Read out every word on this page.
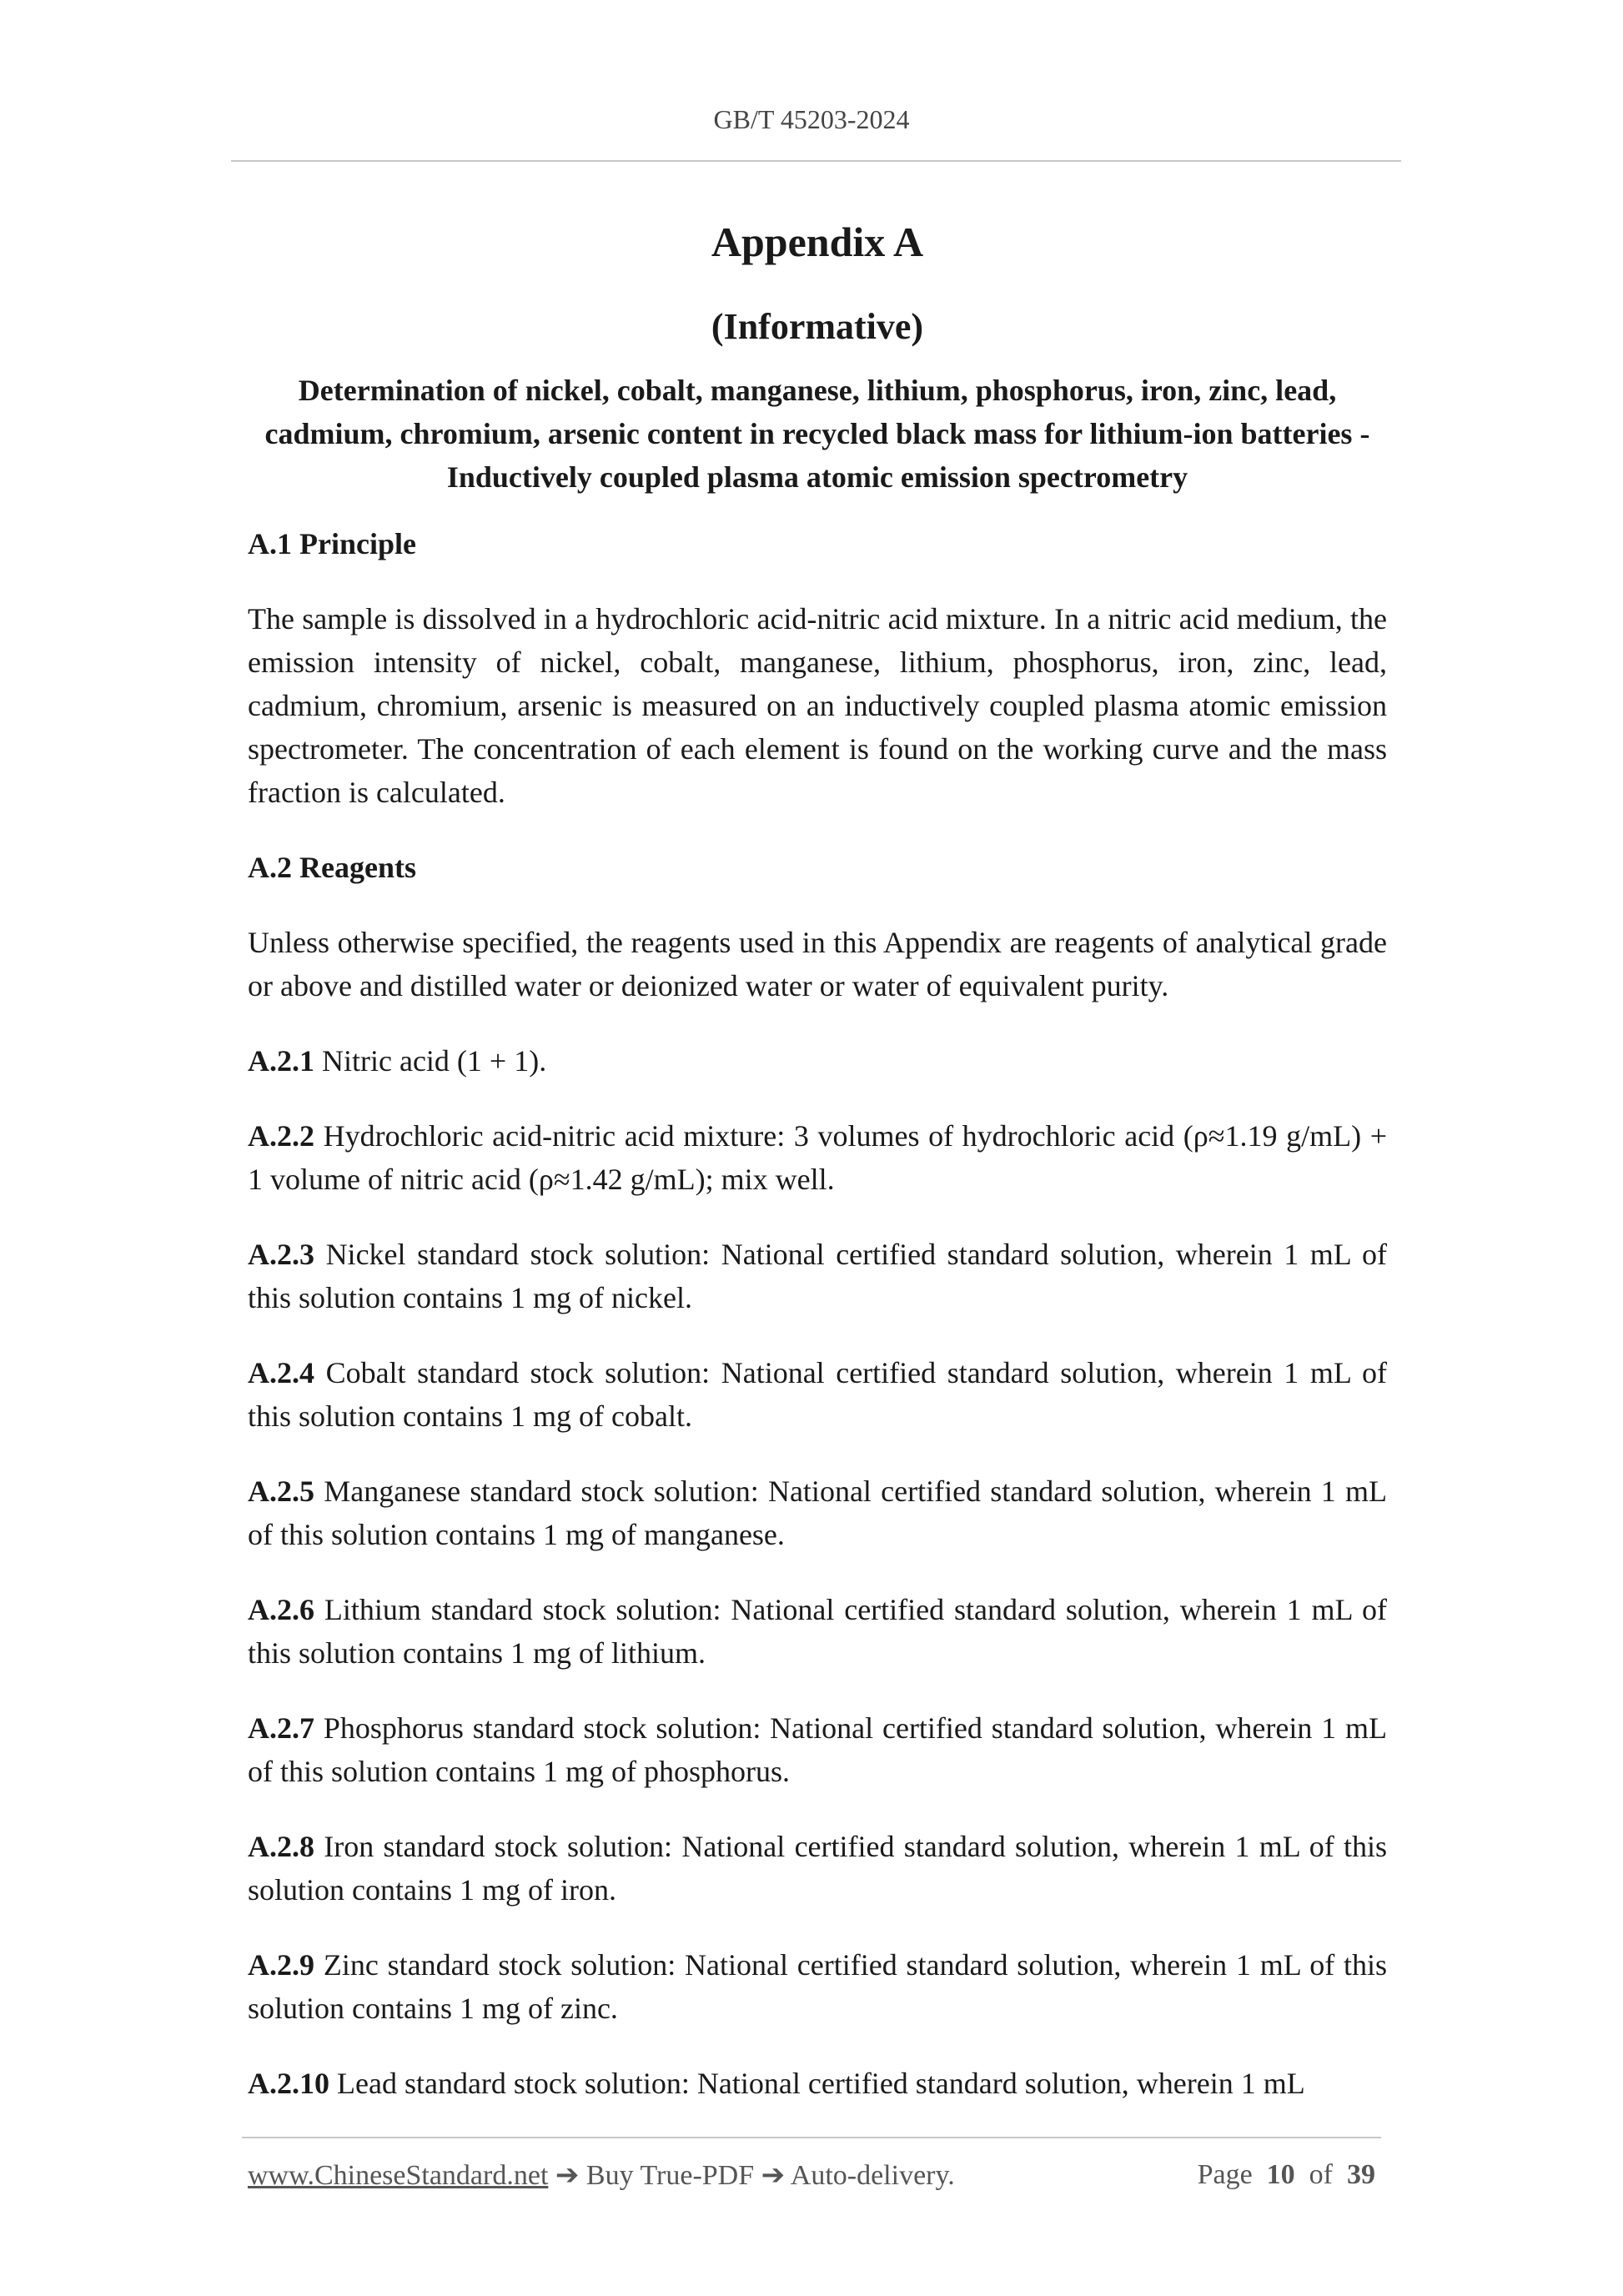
GB/T 45203-2024
Appendix A
(Informative)
Determination of nickel, cobalt, manganese, lithium, phosphorus, iron, zinc, lead, cadmium, chromium, arsenic content in recycled black mass for lithium-ion batteries - Inductively coupled plasma atomic emission spectrometry
A.1 Principle

The sample is dissolved in a hydrochloric acid-nitric acid mixture. In a nitric acid medium, the emission intensity of nickel, cobalt, manganese, lithium, phosphorus, iron, zinc, lead, cadmium, chromium, arsenic is measured on an inductively coupled plasma atomic emission spectrometer. The concentration of each element is found on the working curve and the mass fraction is calculated.

A.2 Reagents

Unless otherwise specified, the reagents used in this Appendix are reagents of analytical grade or above and distilled water or deionized water or water of equivalent purity.

A.2.1 Nitric acid (1 + 1).

A.2.2 Hydrochloric acid-nitric acid mixture: 3 volumes of hydrochloric acid (ρ≈1.19 g/mL) + 1 volume of nitric acid (ρ≈1.42 g/mL); mix well.

A.2.3 Nickel standard stock solution: National certified standard solution, wherein 1 mL of this solution contains 1 mg of nickel.

A.2.4 Cobalt standard stock solution: National certified standard solution, wherein 1 mL of this solution contains 1 mg of cobalt.

A.2.5 Manganese standard stock solution: National certified standard solution, wherein 1 mL of this solution contains 1 mg of manganese.

A.2.6 Lithium standard stock solution: National certified standard solution, wherein 1 mL of this solution contains 1 mg of lithium.

A.2.7 Phosphorus standard stock solution: National certified standard solution, wherein 1 mL of this solution contains 1 mg of phosphorus.

A.2.8 Iron standard stock solution: National certified standard solution, wherein 1 mL of this solution contains 1 mg of iron.

A.2.9 Zinc standard stock solution: National certified standard solution, wherein 1 mL of this solution contains 1 mg of zinc.

A.2.10 Lead standard stock solution: National certified standard solution, wherein 1 mL

www.ChineseStandard.net ➔ Buy True-PDF ➔ Auto-delivery.	Page 10 of 39
